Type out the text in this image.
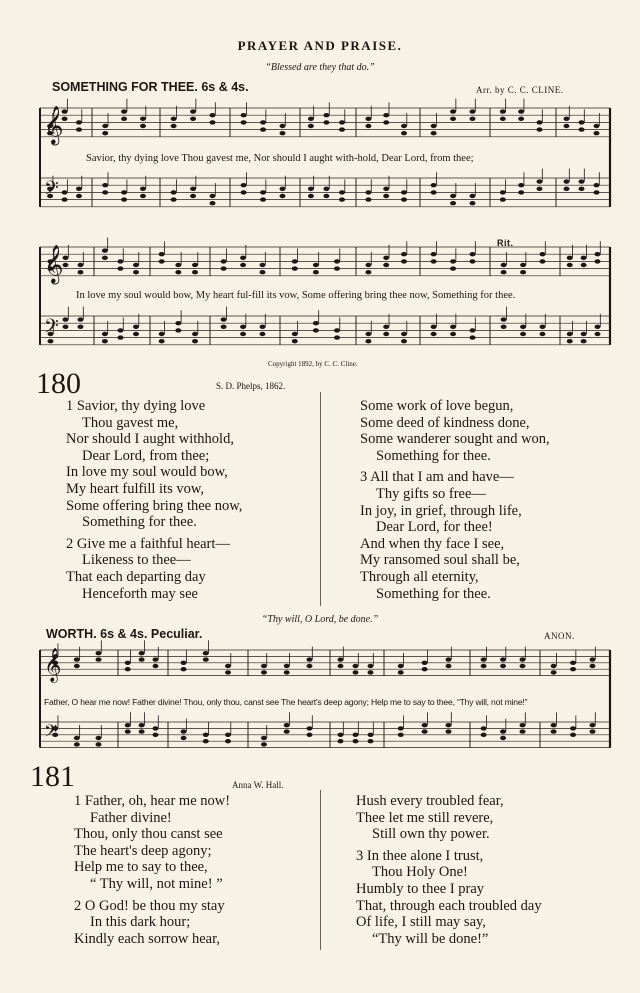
PRAYER AND PRAISE.
“Blessed are they that do.”
SOMETHING FOR THEE. 6s & 4s.	Arr. by C. C. CLINE.
𝄞
𝄢
𝄞
𝄢
Savior, thy dying love Thou gavest me, Nor should I aught with-hold, Dear Lord, from thee;
Rit.
In love my soul would bow, My heart ful-fill its vow, Some offering bring thee now, Something for thee.
Copyright 1892, by C. C. Cline.
180	S. D. Phelps, 1862.
1 Savior, thy dying love
Thou gavest me,
Nor should I aught withhold,
Dear Lord, from thee;
In love my soul would bow,
My heart fulfill its vow,
Some offering bring thee now,
Something for thee.
2 Give me a faithful heart—
Likeness to thee—
That each departing day
Henceforth may see
Some work of love begun,
Some deed of kindness done,
Some wanderer sought and won,
Something for thee.
3 All that I am and have—
Thy gifts so free—
In joy, in grief, through life,
Dear Lord, for thee!
And when thy face I see,
My ransomed soul shall be,
Through all eternity,
Something for thee.
“Thy will, O Lord, be done.”
WORTH. 6s & 4s. Peculiar.	ANON.
𝄞
𝄢
Father, O hear me now! Father divine! Thou, only thou, canst see The heart's deep agony; Help me to say to thee, “Thy will, not mine!”
181	Anna W. Hall.
1 Father, oh, hear me now!
Father divine!
Thou, only thou canst see
The heart's deep agony;
Help me to say to thee,
“ Thy will, not mine! ”
2 O God! be thou my stay
In this dark hour;
Kindly each sorrow hear,
Hush every troubled fear,
Thee let me still revere,
Still own thy power.
3 In thee alone I trust,
Thou Holy One!
Humbly to thee I pray
That, through each troubled day
Of life, I still may say,
“Thy will be done!”
